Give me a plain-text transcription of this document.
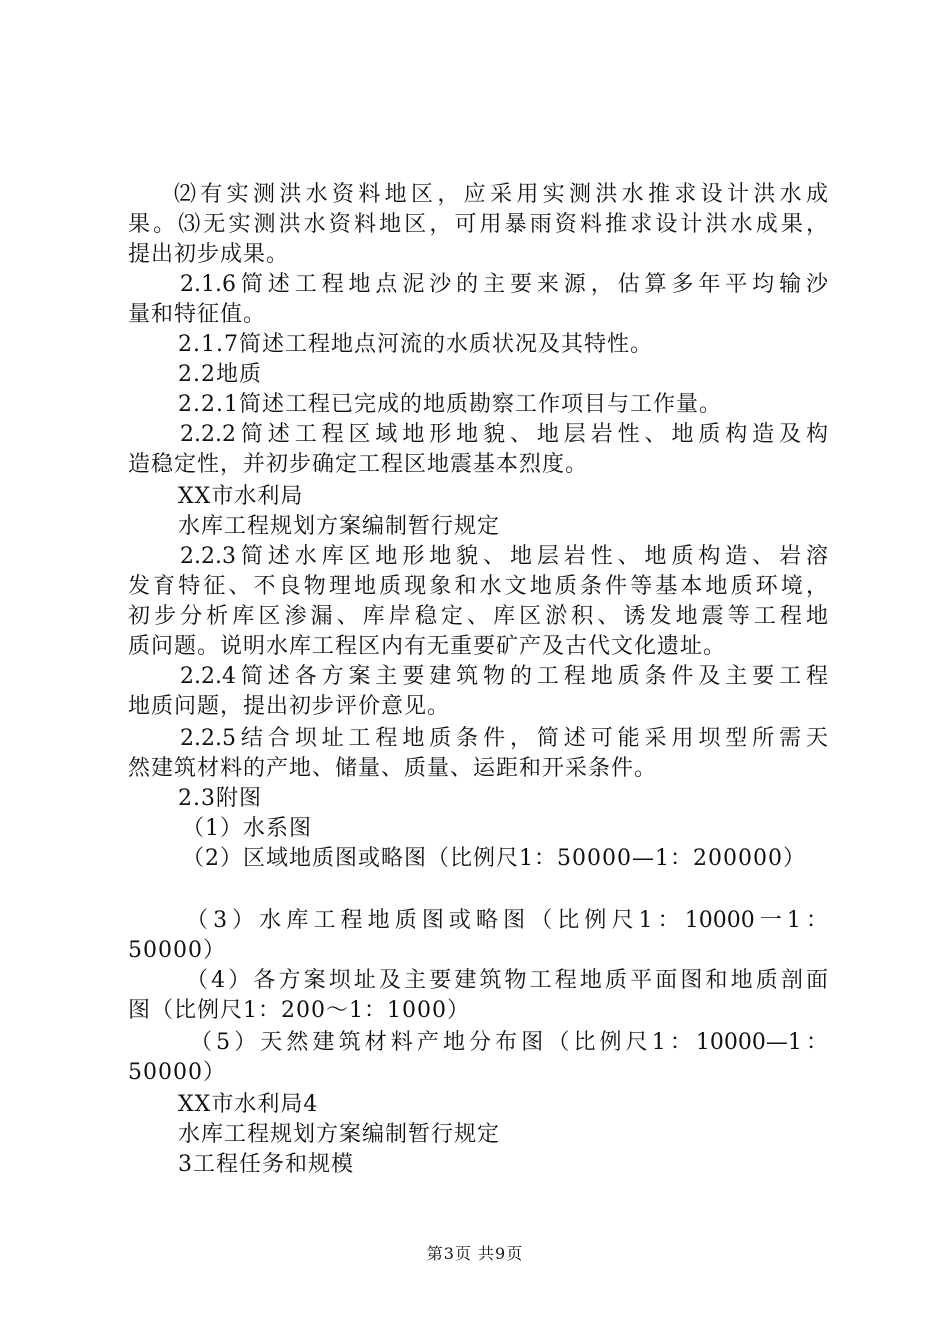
⑵有实测洪水资料地区，应采用实测洪水推求设计洪水成
果。⑶无实测洪水资料地区，可用暴雨资料推求设计洪水成果，
提出初步成果。
2.1.6简述工程地点泥沙的主要来源，估算多年平均输沙
量和特征值。
2.1.7简述工程地点河流的水质状况及其特性。
2.2地质
2.2.1简述工程已完成的地质勘察工作项目与工作量。
2.2.2简述工程区域地形地貌、地层岩性、地质构造及构
造稳定性，并初步确定工程区地震基本烈度。
XX市水利局
水库工程规划方案编制暂行规定
2.2.3简述水库区地形地貌、地层岩性、地质构造、岩溶
发育特征、不良物理地质现象和水文地质条件等基本地质环境，
初步分析库区渗漏、库岸稳定、库区淤积、诱发地震等工程地
质问题。说明水库工程区内有无重要矿产及古代文化遗址。
2.2.4简述各方案主要建筑物的工程地质条件及主要工程
地质问题，提出初步评价意见。
2.2.5结合坝址工程地质条件，简述可能采用坝型所需天
然建筑材料的产地、储量、质量、运距和开采条件。
2.3附图
（1）水系图
（2）区域地质图或略图（比例尺1：50000—1：200000）
（3）水库工程地质图或略图（比例尺1：10000一1：
50000）
（4）各方案坝址及主要建筑物工程地质平面图和地质剖面
图（比例尺1：200～1：1000）
（5）天然建筑材料产地分布图（比例尺1：10000—1：
50000）
XX市水利局4
水库工程规划方案编制暂行规定
3工程任务和规模
第3页 共9页
